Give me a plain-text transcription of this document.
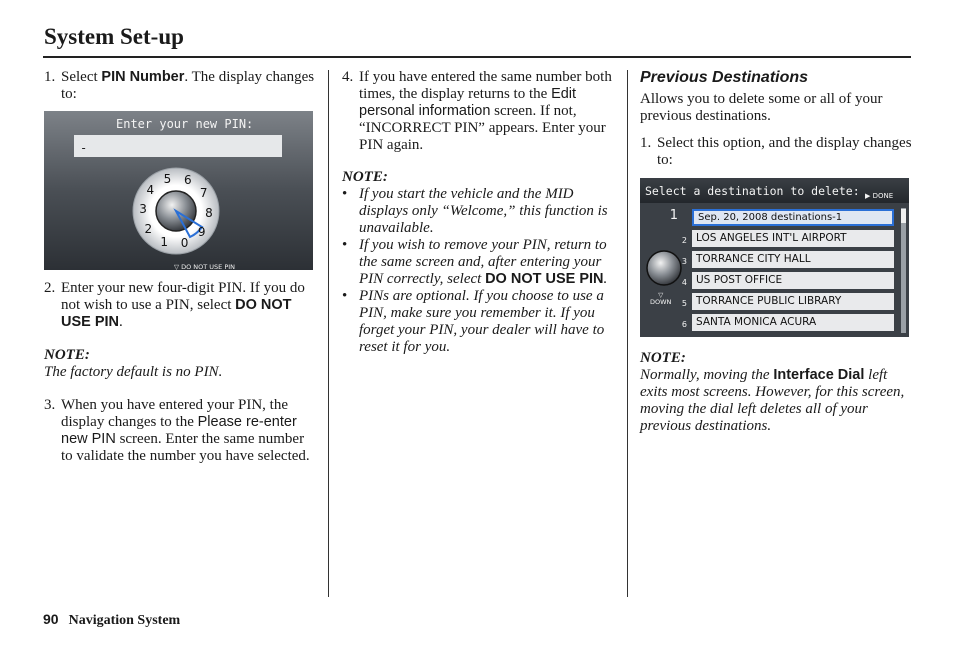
System Set-up

1. Select PIN Number. The display changes to:

Enter your new PIN:
-
5 6
7
8
9
0
1
2
3
4
▽ DO NOT USE PIN

2. Enter your new four-digit PIN. If you do not wish to use a PIN, select DO NOT USE PIN.

NOTE:
The factory default is no PIN.

3. When you have entered your PIN, the display changes to the Please re-enter new PIN screen. Enter the same number to validate the number you have selected.

4. If you have entered the same number both times, the display returns to the Edit personal information screen. If not, “INCORRECT PIN” appears. Enter your PIN again.

NOTE:
• If you start the vehicle and the MID displays only “Welcome,” this function is unavailable.
• If you wish to remove your PIN, return to the same screen and, after entering your PIN correctly, select DO NOT USE PIN.
• PINs are optional. If you choose to use a PIN, make sure you remember it. If you forget your PIN, your dealer will have to reset it for you.

Previous Destinations

Allows you to delete some or all of your previous destinations.

1. Select this option, and the display changes to:

Select a destination to delete: ▶ DONE
▽
DOWN
1	Sep. 20, 2008 destinations-1
2 LOS ANGELES INT'L AIRPORT
3 TORRANCE CITY HALL
4 US POST OFFICE
5 TORRANCE PUBLIC LIBRARY
6 SANTA MONICA ACURA
NOTE:
Normally, moving the Interface Dial left exits most screens. However, for this screen, moving the dial left deletes all of your previous destinations.
90 Navigation System
